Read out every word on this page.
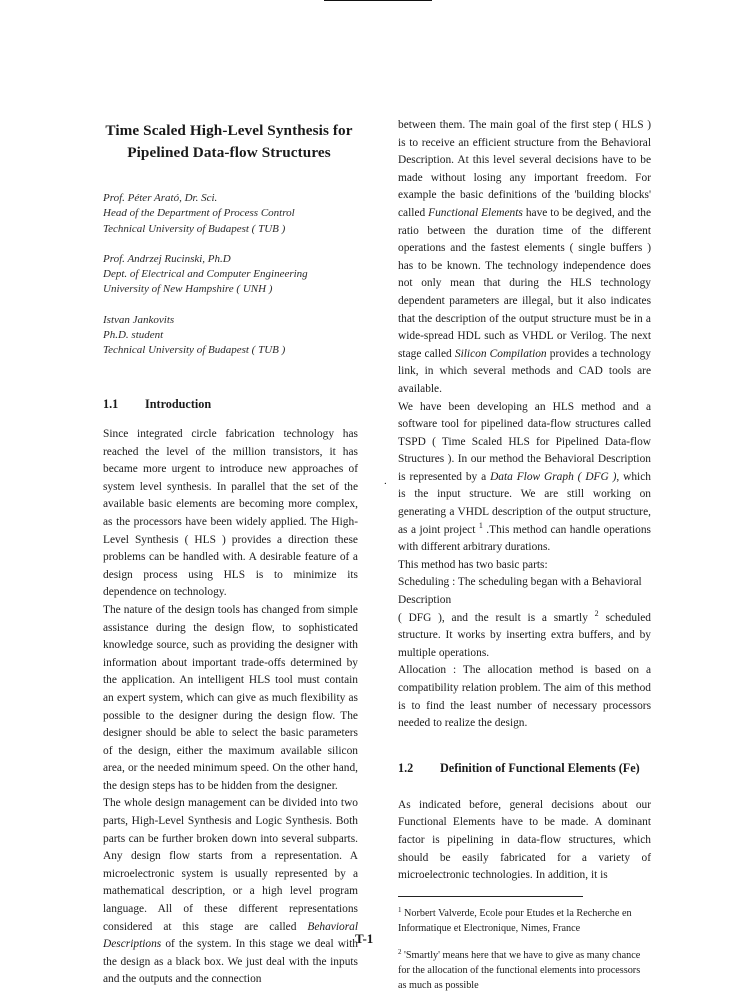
Time Scaled High-Level Synthesis for
Pipelined Data-flow Structures
Prof. Péter Arató, Dr. Sci.
Head of the Department of Process Control
Technical University of Budapest ( TUB )
Prof. Andrzej Rucinski, Ph.D
Dept. of Electrical and Computer Engineering
University of New Hampshire ( UNH )
Istvan Jankovits
Ph.D. student
Technical University of Budapest ( TUB )
1.1	Introduction

Since integrated circle fabrication technology has reached the level of the million transistors, it has became more urgent to introduce new approaches of system level synthesis. In parallel that the set of the available basic elements are becoming more complex, as the processors have been widely applied. The High-Level Synthesis ( HLS ) provides a direction these problems can be handled with. A desirable feature of a design process using HLS is to minimize its dependence on technology.

The nature of the design tools has changed from simple assistance during the design flow, to sophisticated knowledge source, such as providing the designer with information about important trade-offs determined by the application. An intelligent HLS tool must contain an expert system, which can give as much flexibility as possible to the designer during the design flow. The designer should be able to select the basic parameters of the design, either the maximum available silicon area, or the needed minimum speed. On the other hand, the design steps has to be hidden from the designer.

The whole design management can be divided into two parts, High-Level Synthesis and Logic Synthesis. Both parts can be further broken down into several subparts. Any design flow starts from a representation. A microelectronic system is usually represented by a mathematical description, or a high level program language. All of these different representations considered at this stage are called Behavioral Descriptions of the system. In this stage we deal with the design as a black box. We just deal with the inputs and the outputs and the connection

between them. The main goal of the first step ( HLS ) is to receive an efficient structure from the Behavioral Description. At this level several decisions have to be made without losing any important freedom. For example the basic definitions of the 'building blocks' called Functional Elements have to be degived, and the ratio between the duration time of the different operations and the fastest elements ( single buffers ) has to be known. The technology independence does not only mean that during the HLS technology dependent parameters are illegal, but it also indicates that the description of the output structure must be in a wide-spread HDL such as VHDL or Verilog. The next stage called Silicon Compilation provides a technology link, in which several methods and CAD tools are available.

We have been developing an HLS method and a software tool for pipelined data-flow structures called TSPD ( Time Scaled HLS for Pipelined Data-flow Structures ). In our method the Behavioral Description is represented by a Data Flow Graph ( DFG ), which is the input structure. We are still working on generating a VHDL description of the output structure, as a joint project $^1$ .This method can handle operations with different arbitrary durations.

This method has two basic parts:

Scheduling : The scheduling began with a Behavioral Description

( DFG ), and the result is a smartly $^2$ scheduled structure. It works by inserting extra buffers, and by multiple operations.

Allocation : The allocation method is based on a compatibility relation problem. The aim of this method is to find the least number of necessary processors needed to realize the design.

1.2	Definition of Functional Elements (Fe)

As indicated before, general decisions about our Functional Elements have to be made. A dominant factor is pipelining in data-flow structures, which should be easily fabricated for a variety of microelectronic technologies. In addition, it is

$^1$ Norbert Valverde, Ecole pour Etudes et la Recherche en Informatique et Electronique, Nimes, France
$^2$ 'Smartly' means here that we have to give as many chance for the allocation of the functional elements into processors as much as possible
.
T-1
